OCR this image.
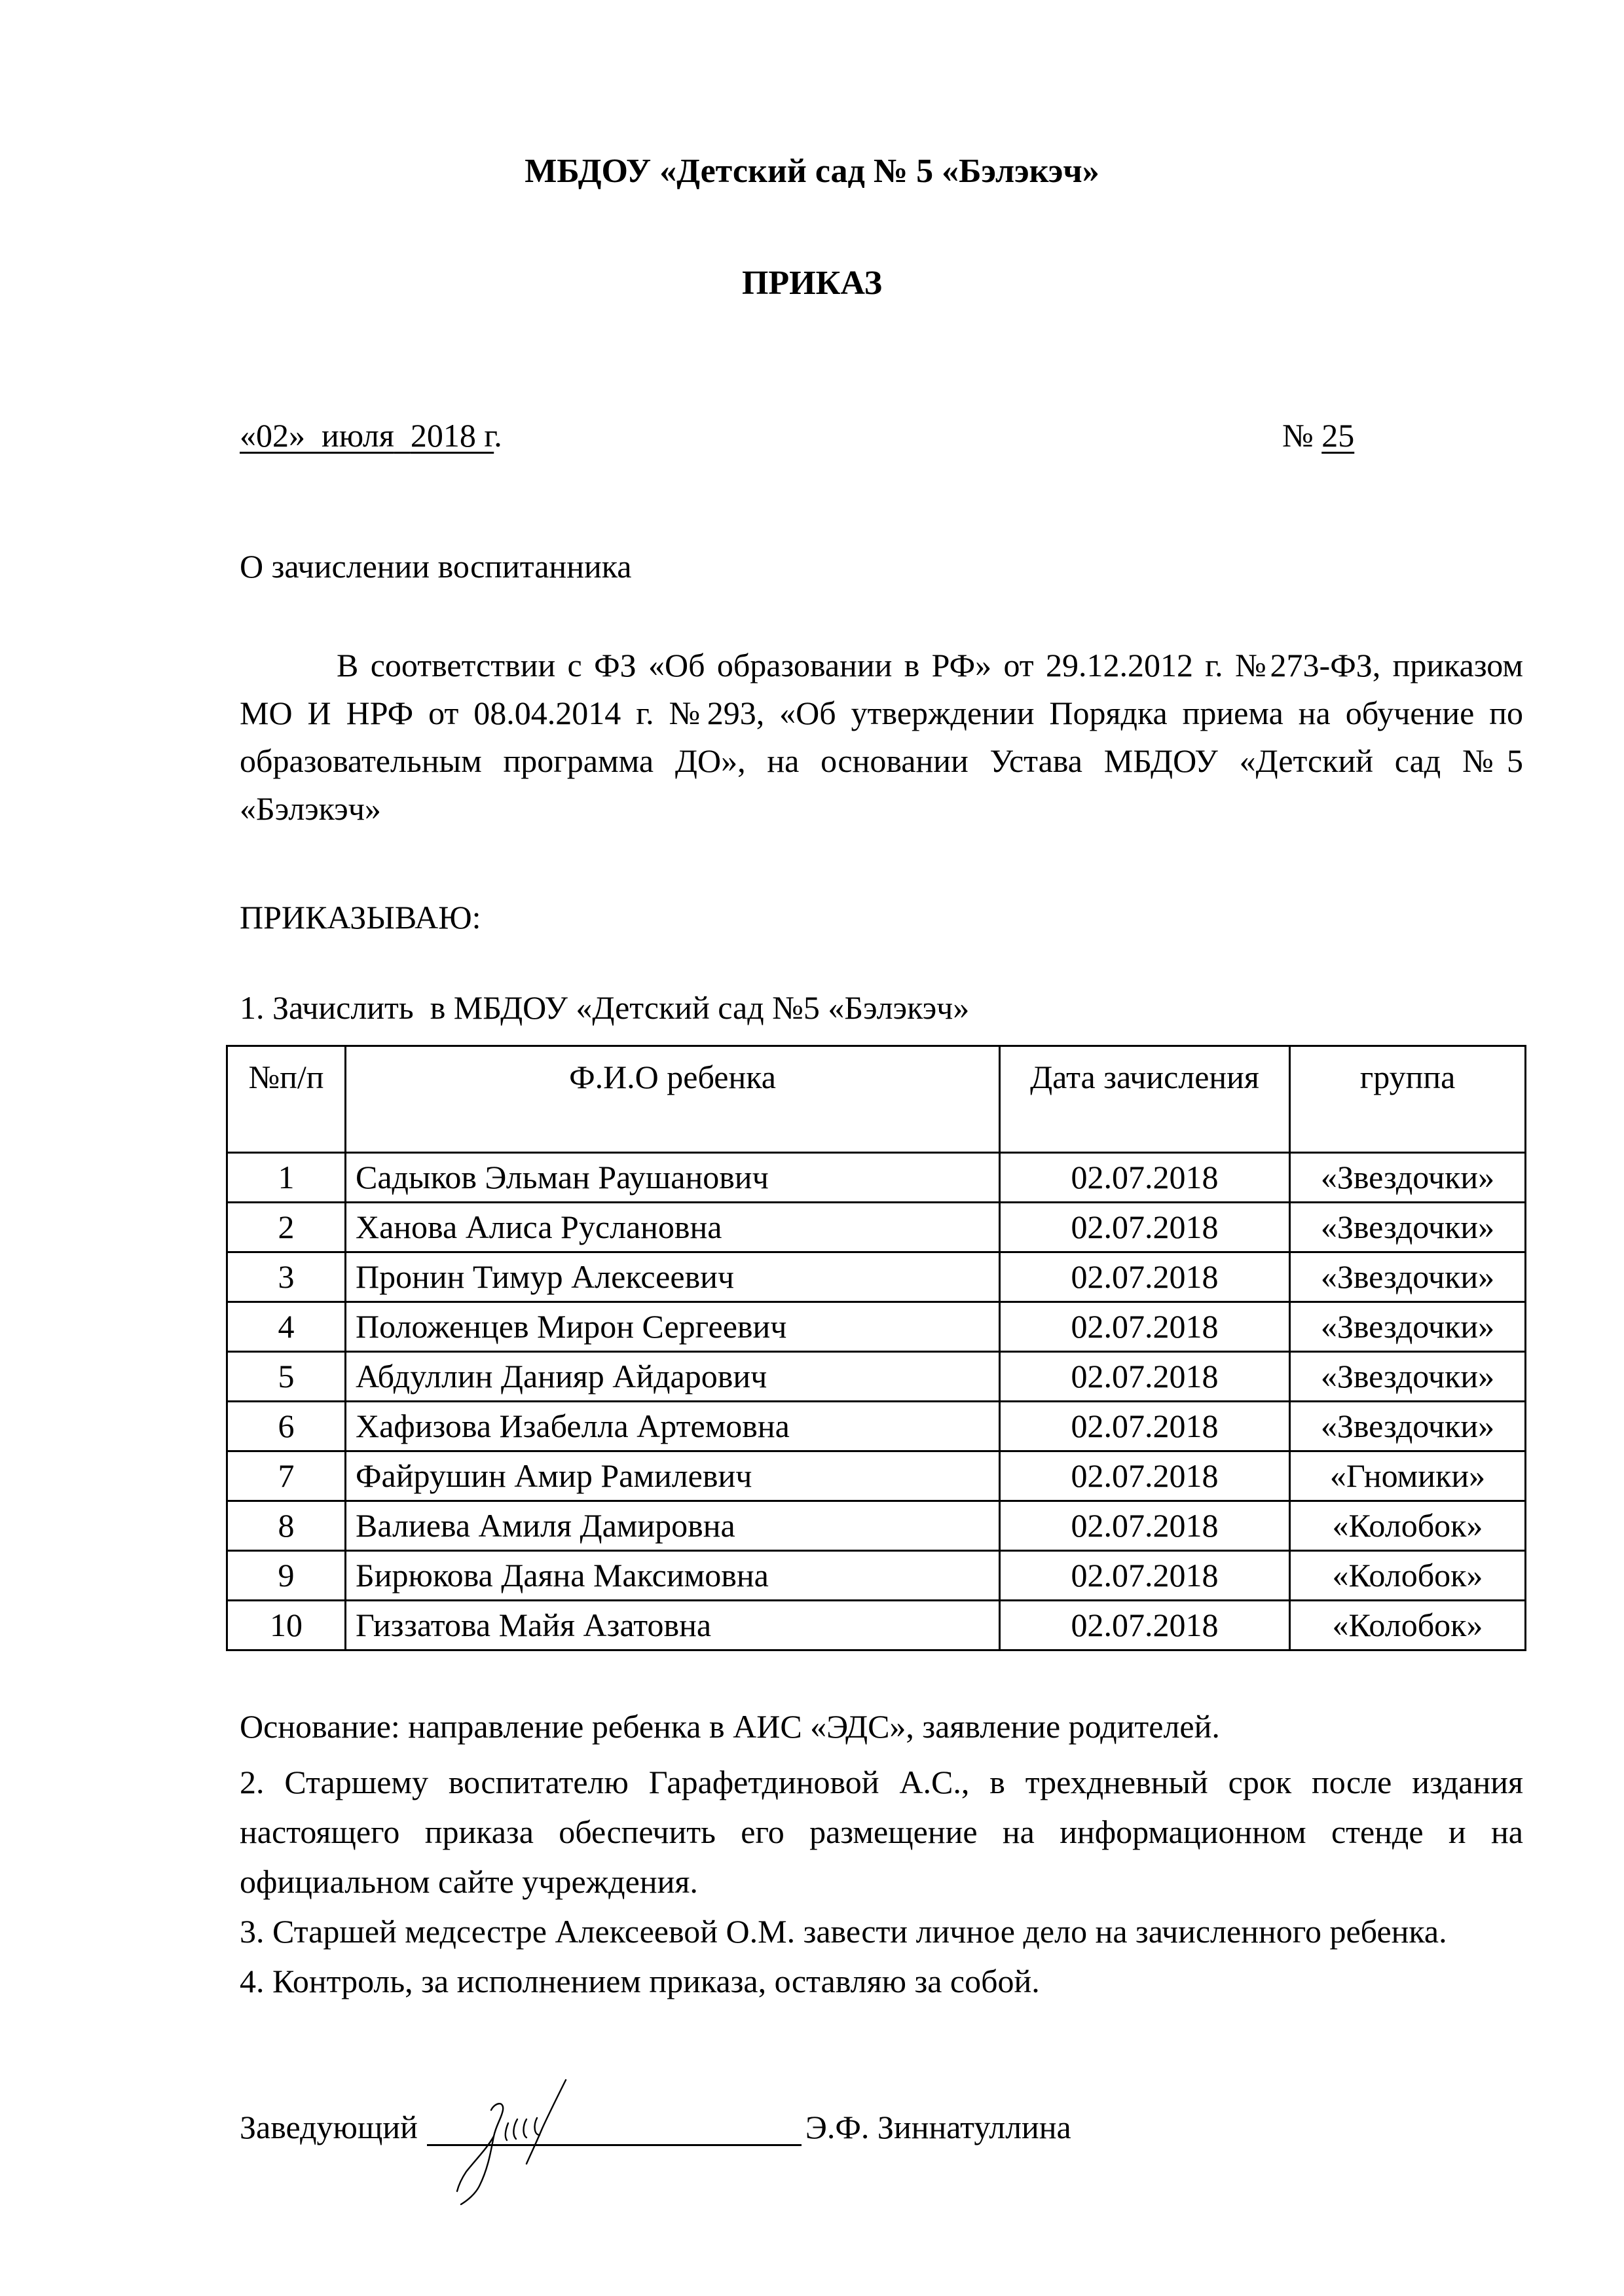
МБДОУ «Детский сад № 5 «Бэлэкэч»
ПРИКАЗ
«02» июля 2018 г.	№ 25
О зачислении воспитанника
В соответствии с ФЗ «Об образовании в РФ» от 29.12.2012 г. №273-ФЗ, приказом МО И НРФ от 08.04.2014 г. №293, «Об утверждении Порядка приема на обучение по образовательным программа ДО», на основании Устава МБДОУ «Детский сад №5 «Бэлэкэч»
ПРИКАЗЫВАЮ:
1. Зачислить  в МБДОУ «Детский сад №5 «Бэлэкэч»
№п/п	Ф.И.О ребенка	Дата зачисления	группа
1	Садыков Эльман Раушанович	02.07.2018	«Звездочки»
2	Ханова Алиса Руслановна	02.07.2018	«Звездочки»
3	Пронин Тимур Алексеевич	02.07.2018	«Звездочки»
4	Положенцев Мирон Сергеевич	02.07.2018	«Звездочки»
5	Абдуллин Данияр Айдарович	02.07.2018	«Звездочки»
6	Хафизова Изабелла Артемовна	02.07.2018	«Звездочки»
7	Файрушин Амир Рамилевич	02.07.2018	«Гномики»
8	Валиева Амиля Дамировна	02.07.2018	«Колобок»
9	Бирюкова Даяна Максимовна	02.07.2018	«Колобок»
10	Гиззатова Майя Азатовна	02.07.2018	«Колобок»
Основание: направление ребенка в АИС «ЭДС», заявление родителей.

2. Старшему воспитателю Гарафетдиновой А.С., в трехдневный срок после издания настоящего приказа обеспечить его размещение на информационном стенде и на официальном сайте учреждения.

3. Старшей медсестре Алексеевой О.М. завести личное дело на зачисленного ребенка.

4. Контроль, за исполнением приказа, оставляю за собой.

Заведующий	Э.Ф. Зиннатуллина
